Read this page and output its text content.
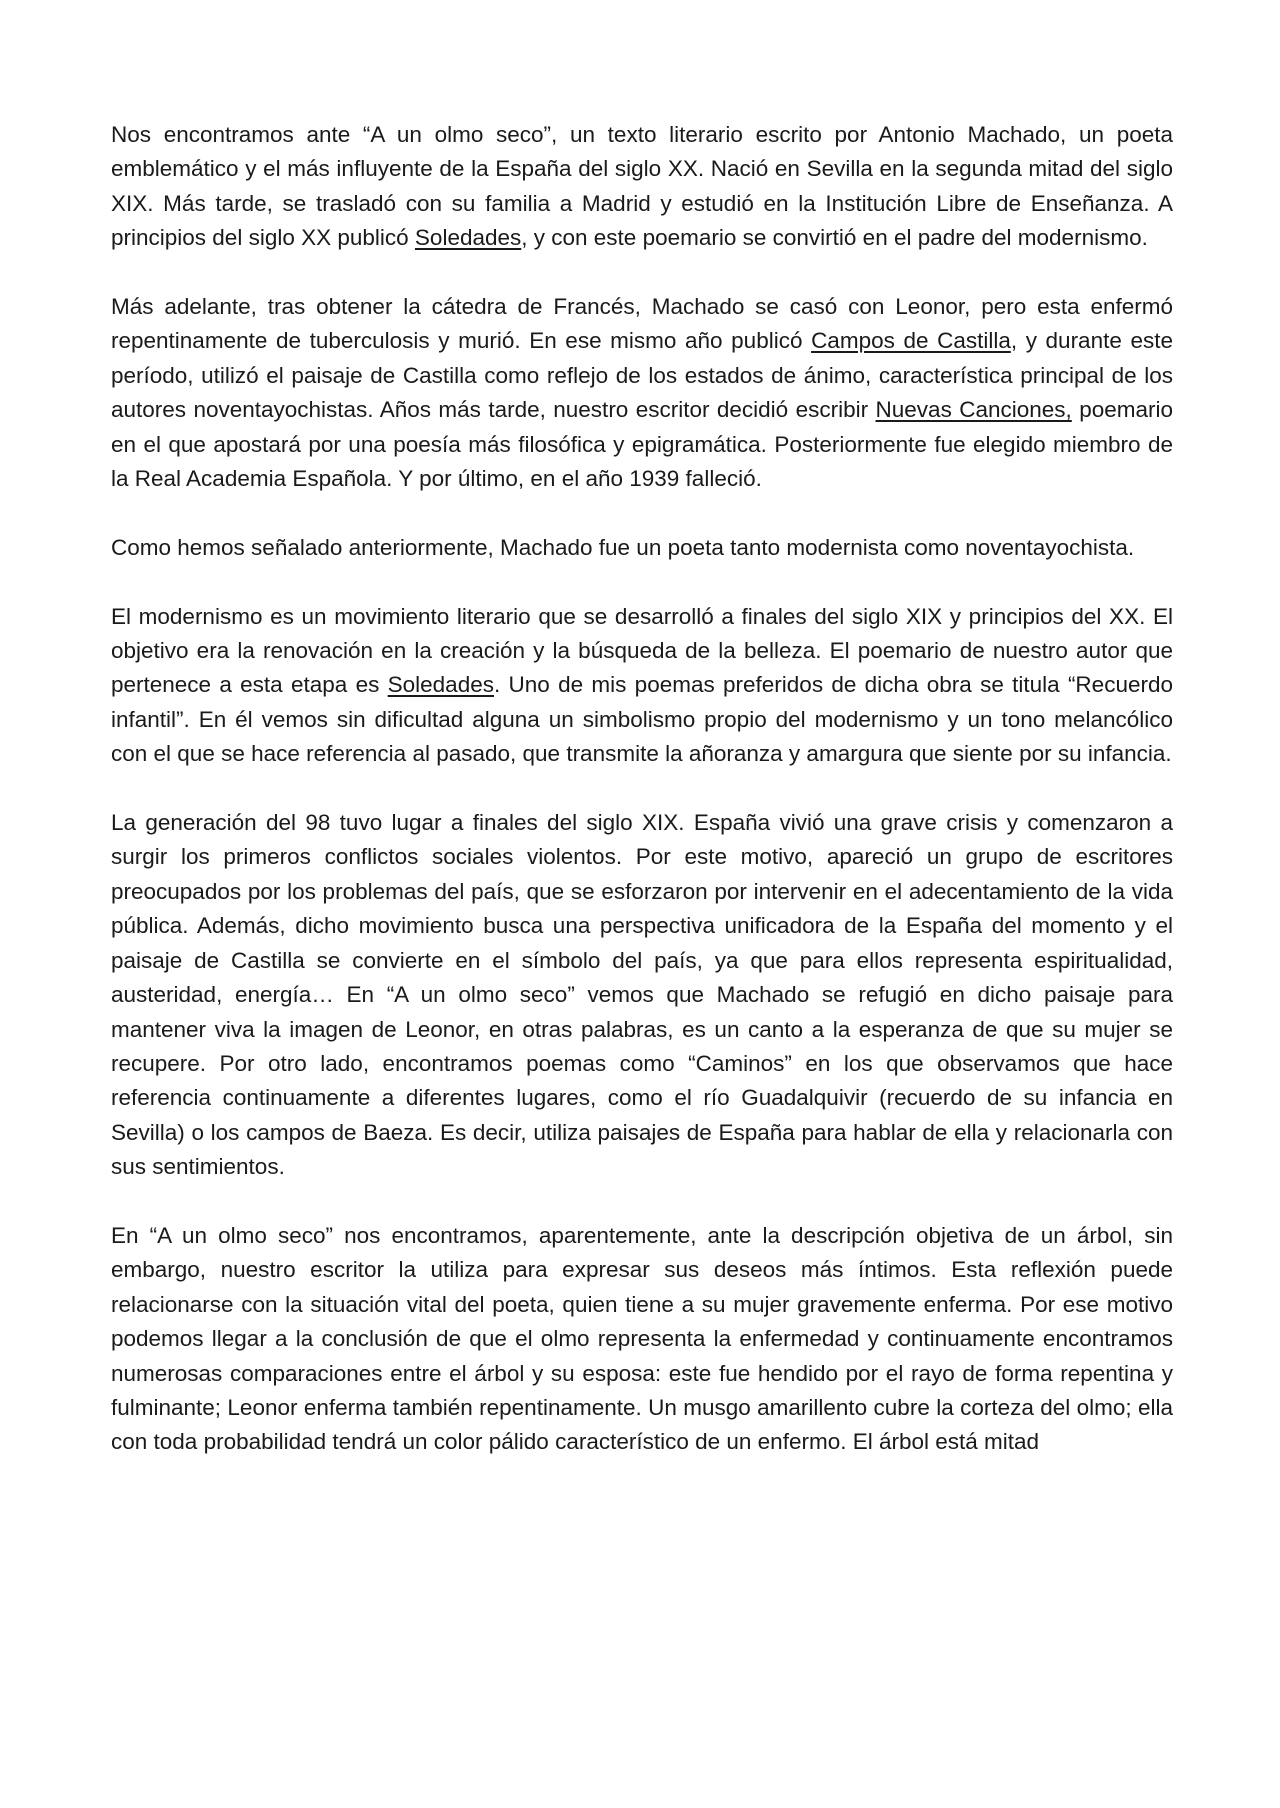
Nos encontramos ante “A un olmo seco”, un texto literario escrito por Antonio Machado, un poeta emblemático y el más influyente de la España del siglo XX. Nació en Sevilla en la segunda mitad del siglo XIX. Más tarde, se trasladó con su familia a Madrid y estudió en la Institución Libre de Enseñanza. A principios del siglo XX publicó Soledades, y con este poemario se convirtió en el padre del modernismo.

Más adelante, tras obtener la cátedra de Francés, Machado se casó con Leonor, pero esta enfermó repentinamente de tuberculosis y murió. En ese mismo año publicó Campos de Castilla, y durante este período, utilizó el paisaje de Castilla como reflejo de los estados de ánimo, característica principal de los autores noventayochistas. Años más tarde, nuestro escritor decidió escribir Nuevas Canciones, poemario en el que apostará por una poesía más filosófica y epigramática. Posteriormente fue elegido miembro de la Real Academia Española. Y por último, en el año 1939 falleció.

Como hemos señalado anteriormente, Machado fue un poeta tanto modernista como noventayochista.

El modernismo es un movimiento literario que se desarrolló a finales del siglo XIX y principios del XX. El objetivo era la renovación en la creación y la búsqueda de la belleza. El poemario de nuestro autor que pertenece a esta etapa es Soledades. Uno de mis poemas preferidos de dicha obra se titula “Recuerdo infantil”. En él vemos sin dificultad alguna un simbolismo propio del modernismo y un tono melancólico con el que se hace referencia al pasado, que transmite la añoranza y amargura que siente por su infancia.

La generación del 98 tuvo lugar a finales del siglo XIX. España vivió una grave crisis y comenzaron a surgir los primeros conflictos sociales violentos. Por este motivo, apareció un grupo de escritores preocupados por los problemas del país, que se esforzaron por intervenir en el adecentamiento de la vida pública. Además, dicho movimiento busca una perspectiva unificadora de la España del momento y el paisaje de Castilla se convierte en el símbolo del país, ya que para ellos representa espiritualidad, austeridad, energía… En “A un olmo seco” vemos que Machado se refugió en dicho paisaje para mantener viva la imagen de Leonor, en otras palabras, es un canto a la esperanza de que su mujer se recupere. Por otro lado, encontramos poemas como “Caminos” en los que observamos que hace referencia continuamente a diferentes lugares, como el río Guadalquivir (recuerdo de su infancia en Sevilla) o los campos de Baeza. Es decir, utiliza paisajes de España para hablar de ella y relacionarla con sus sentimientos.

En “A un olmo seco” nos encontramos, aparentemente, ante la descripción objetiva de un árbol, sin embargo, nuestro escritor la utiliza para expresar sus deseos más íntimos. Esta reflexión puede relacionarse con la situación vital del poeta, quien tiene a su mujer gravemente enferma. Por ese motivo podemos llegar a la conclusión de que el olmo representa la enfermedad y continuamente encontramos numerosas comparaciones entre el árbol y su esposa: este fue hendido por el rayo de forma repentina y fulminante; Leonor enferma también repentinamente. Un musgo amarillento cubre la corteza del olmo; ella con toda probabilidad tendrá un color pálido característico de un enfermo. El árbol está mitad
